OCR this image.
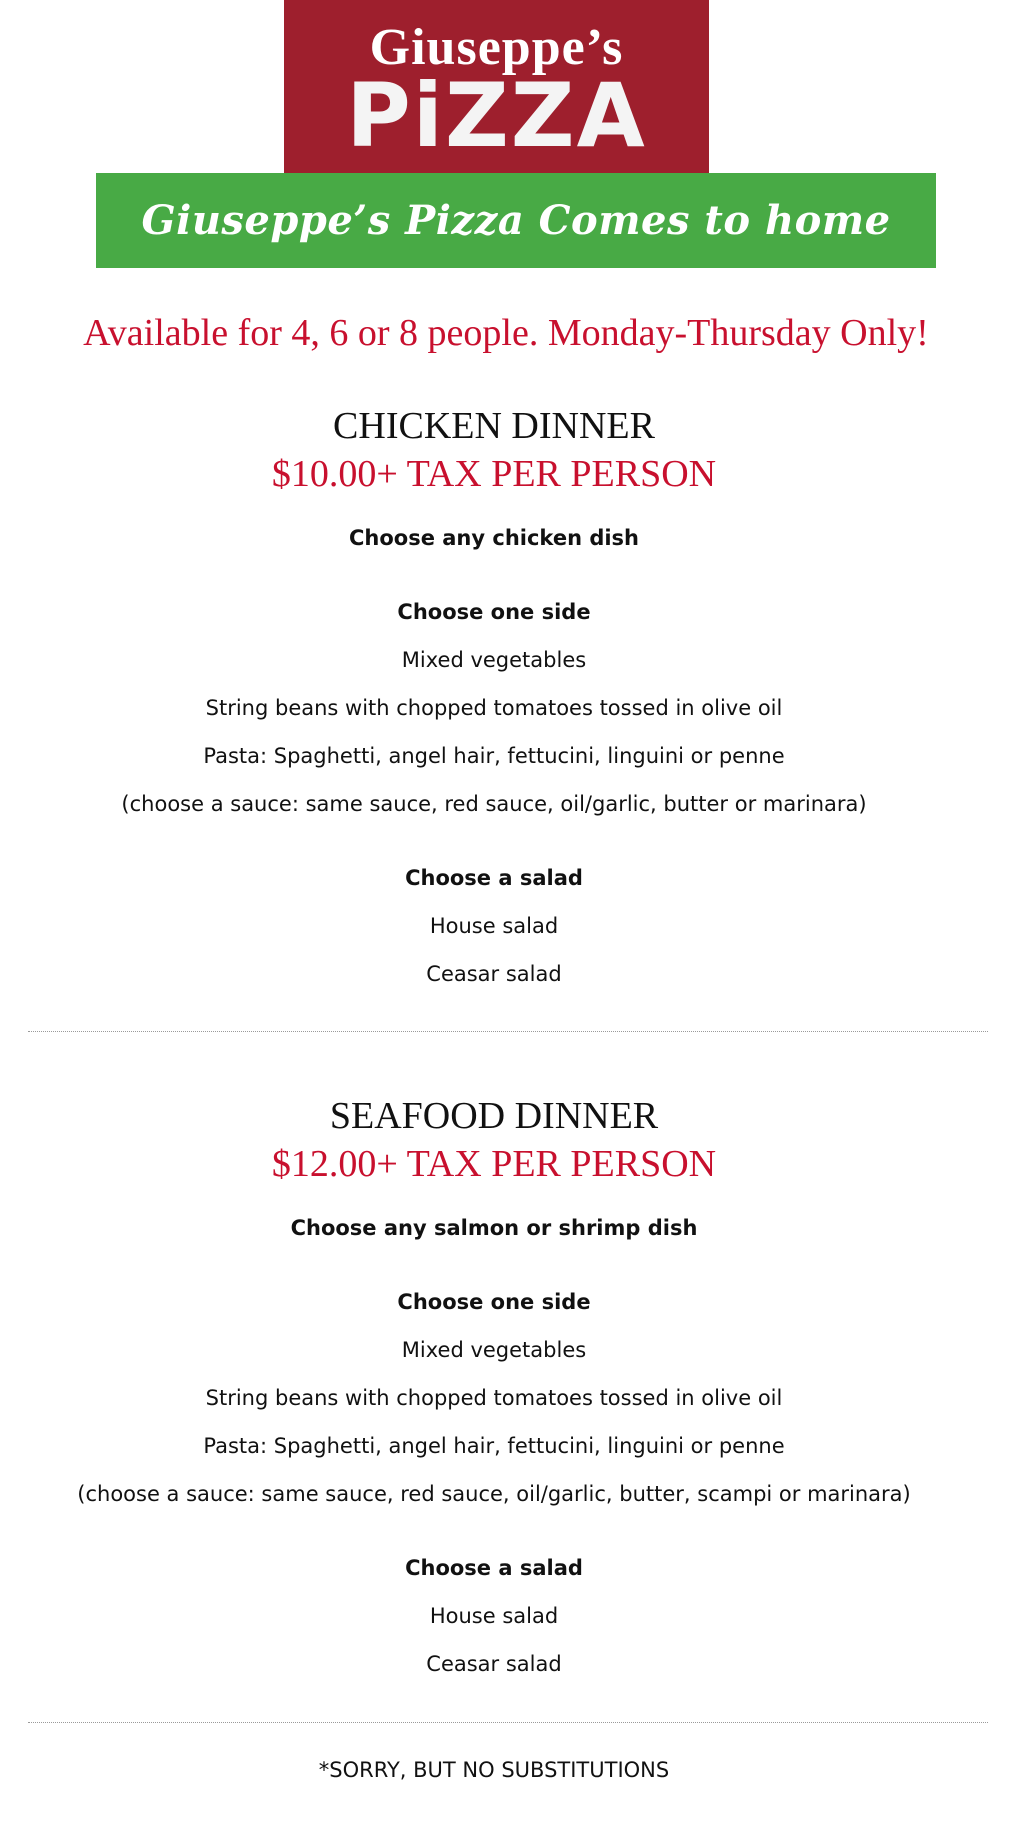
Giuseppe’s
PiZZA
Giuseppe’s Pizza Comes to home
Available for 4, 6 or 8 people. Monday-Thursday Only!
CHICKEN DINNER
$10.00+ TAX PER PERSON
Choose any chicken dish
Choose one side
Mixed vegetables
String beans with chopped tomatoes tossed in olive oil
Pasta: Spaghetti, angel hair, fettucini, linguini or penne
(choose a sauce: same sauce, red sauce, oil/garlic, butter or marinara)
Choose a salad
House salad
Ceasar salad
SEAFOOD DINNER
$12.00+ TAX PER PERSON
Choose any salmon or shrimp dish
Choose one side
Mixed vegetables
String beans with chopped tomatoes tossed in olive oil
Pasta: Spaghetti, angel hair, fettucini, linguini or penne
(choose a sauce: same sauce, red sauce, oil/garlic, butter, scampi or marinara)
Choose a salad
House salad
Ceasar salad
*SORRY, BUT NO SUBSTITUTIONS
